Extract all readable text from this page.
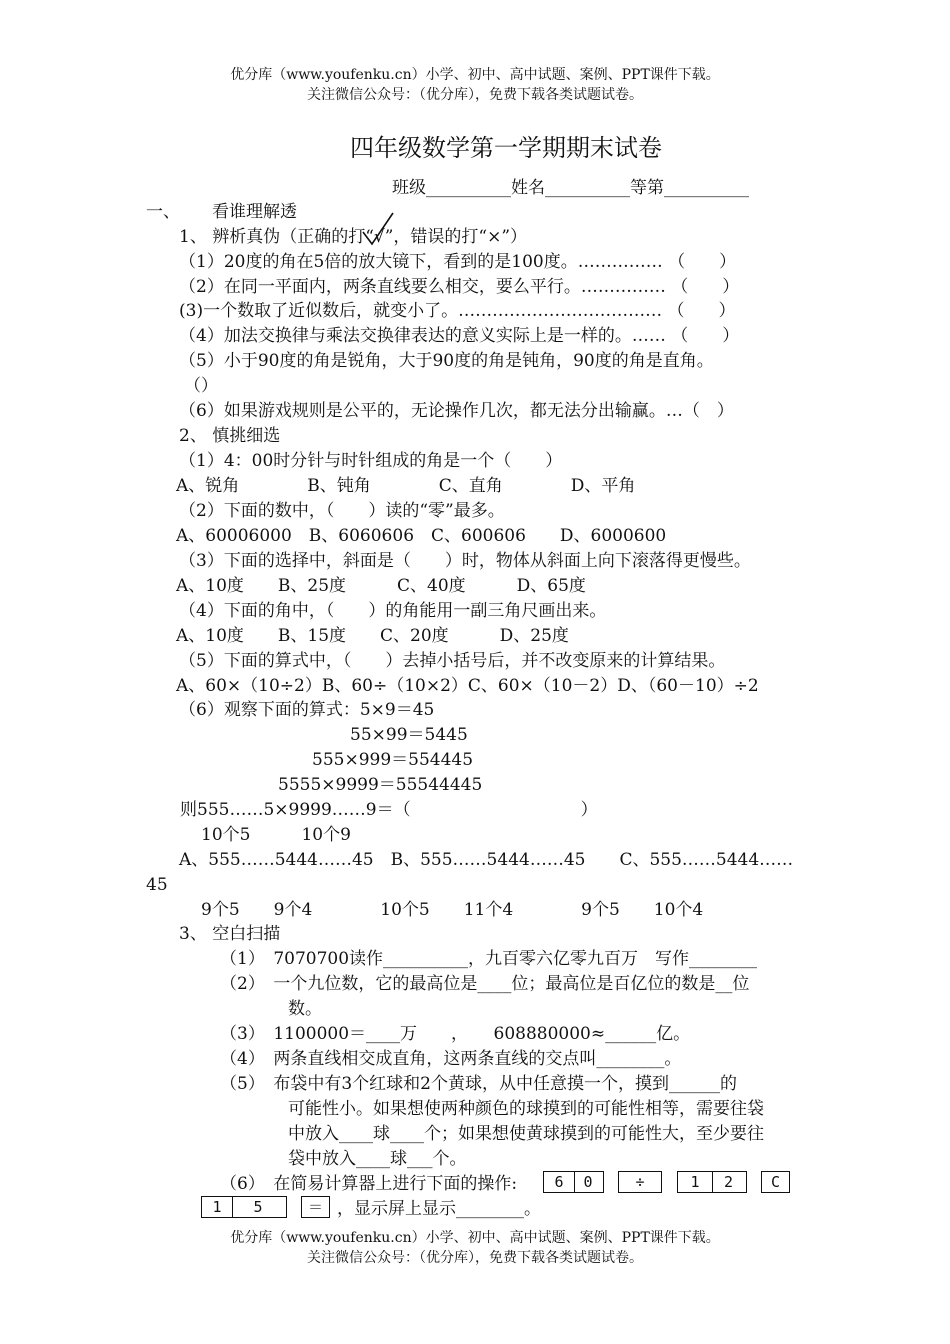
优分库（www.youfenku.cn）小学、初中、高中试题、案例、PPT课件下载。
关注微信公众号：（优分库），免费下载各类试题试卷。
四年级数学第一学期期末试卷
班级__________姓名__________等第__________
一、 看谁理解透
1、 辨析真伪（正确的打“√”，错误的打“×”）
（1）20度的角在5倍的放大镜下，看到的是100度。…………… （　　）
（2）在同一平面内，两条直线要么相交，要么平行。…………… （　　）
(3)一个数取了近似数后，就变小了。……………………………… （　　）
（4）加法交换律与乘法交换律表达的意义实际上是一样的。…… （　　）
（5）小于90度的角是锐角，大于90度的角是钝角，90度的角是直角。
（）
（6）如果游戏规则是公平的，无论操作几次，都无法分出输赢。…（　）
2、 慎挑细选
（1）4：00时分针与时针组成的角是一个（　　）
A、锐角　　　　B、钝角　　　　C、直角　　　　D、平角
（2）下面的数中，（　　）读的“零”最多。
A、60006000　B、6060606　C、600606　　D、6000600
（3）下面的选择中，斜面是（　　）时，物体从斜面上向下滚落得更慢些。
A、10度　　B、25度　　　C、40度　　　D、65度
（4）下面的角中，（　　）的角能用一副三角尺画出来。
A、10度　　B、15度　　C、20度　　　D、25度
（5）下面的算式中，（　　）去掉小括号后，并不改变原来的计算结果。
A、60×（10÷2）B、60÷（10×2）C、60×（10－2）D、（60－10）÷2
（6）观察下面的算式：5×9＝45
55×99＝5445
555×999＝554445
5555×9999＝55544445
则555……5×9999……9＝（　　　　　　　　　　）
10个5　　　10个9
A、555……5444……45　B、555……5444……45　　C、555……5444……
45
9个5　　9个4　　　　10个5　　11个4　　　　9个5　　10个4
3、 空白扫描
（1）　7070700读作__________，九百零六亿零九百万　写作________
（2）　一个九位数，它的最高位是____位；最高位是百亿位的数是__位
　　　　数。
（3）　1100000＝____万　　，　　608880000≈______亿。
（4）　两条直线相交成直角，这两条直线的交点叫________。
（5）　布袋中有3个红球和2个黄球，从中任意摸一个，摸到______的
　　　　可能性小。如果想使两种颜色的球摸到的可能性相等，需要往袋
　　　　中放入____球____个；如果想使黄球摸到的可能性大，至少要往
　　　　袋中放入____球___个。
（6）　在简易计算器上进行下面的操作:	6 0	÷	1 2	C
1 5	＝ ，显示屏上显示________。
优分库（www.youfenku.cn）小学、初中、高中试题、案例、PPT课件下载。
关注微信公众号：（优分库），免费下载各类试题试卷。
